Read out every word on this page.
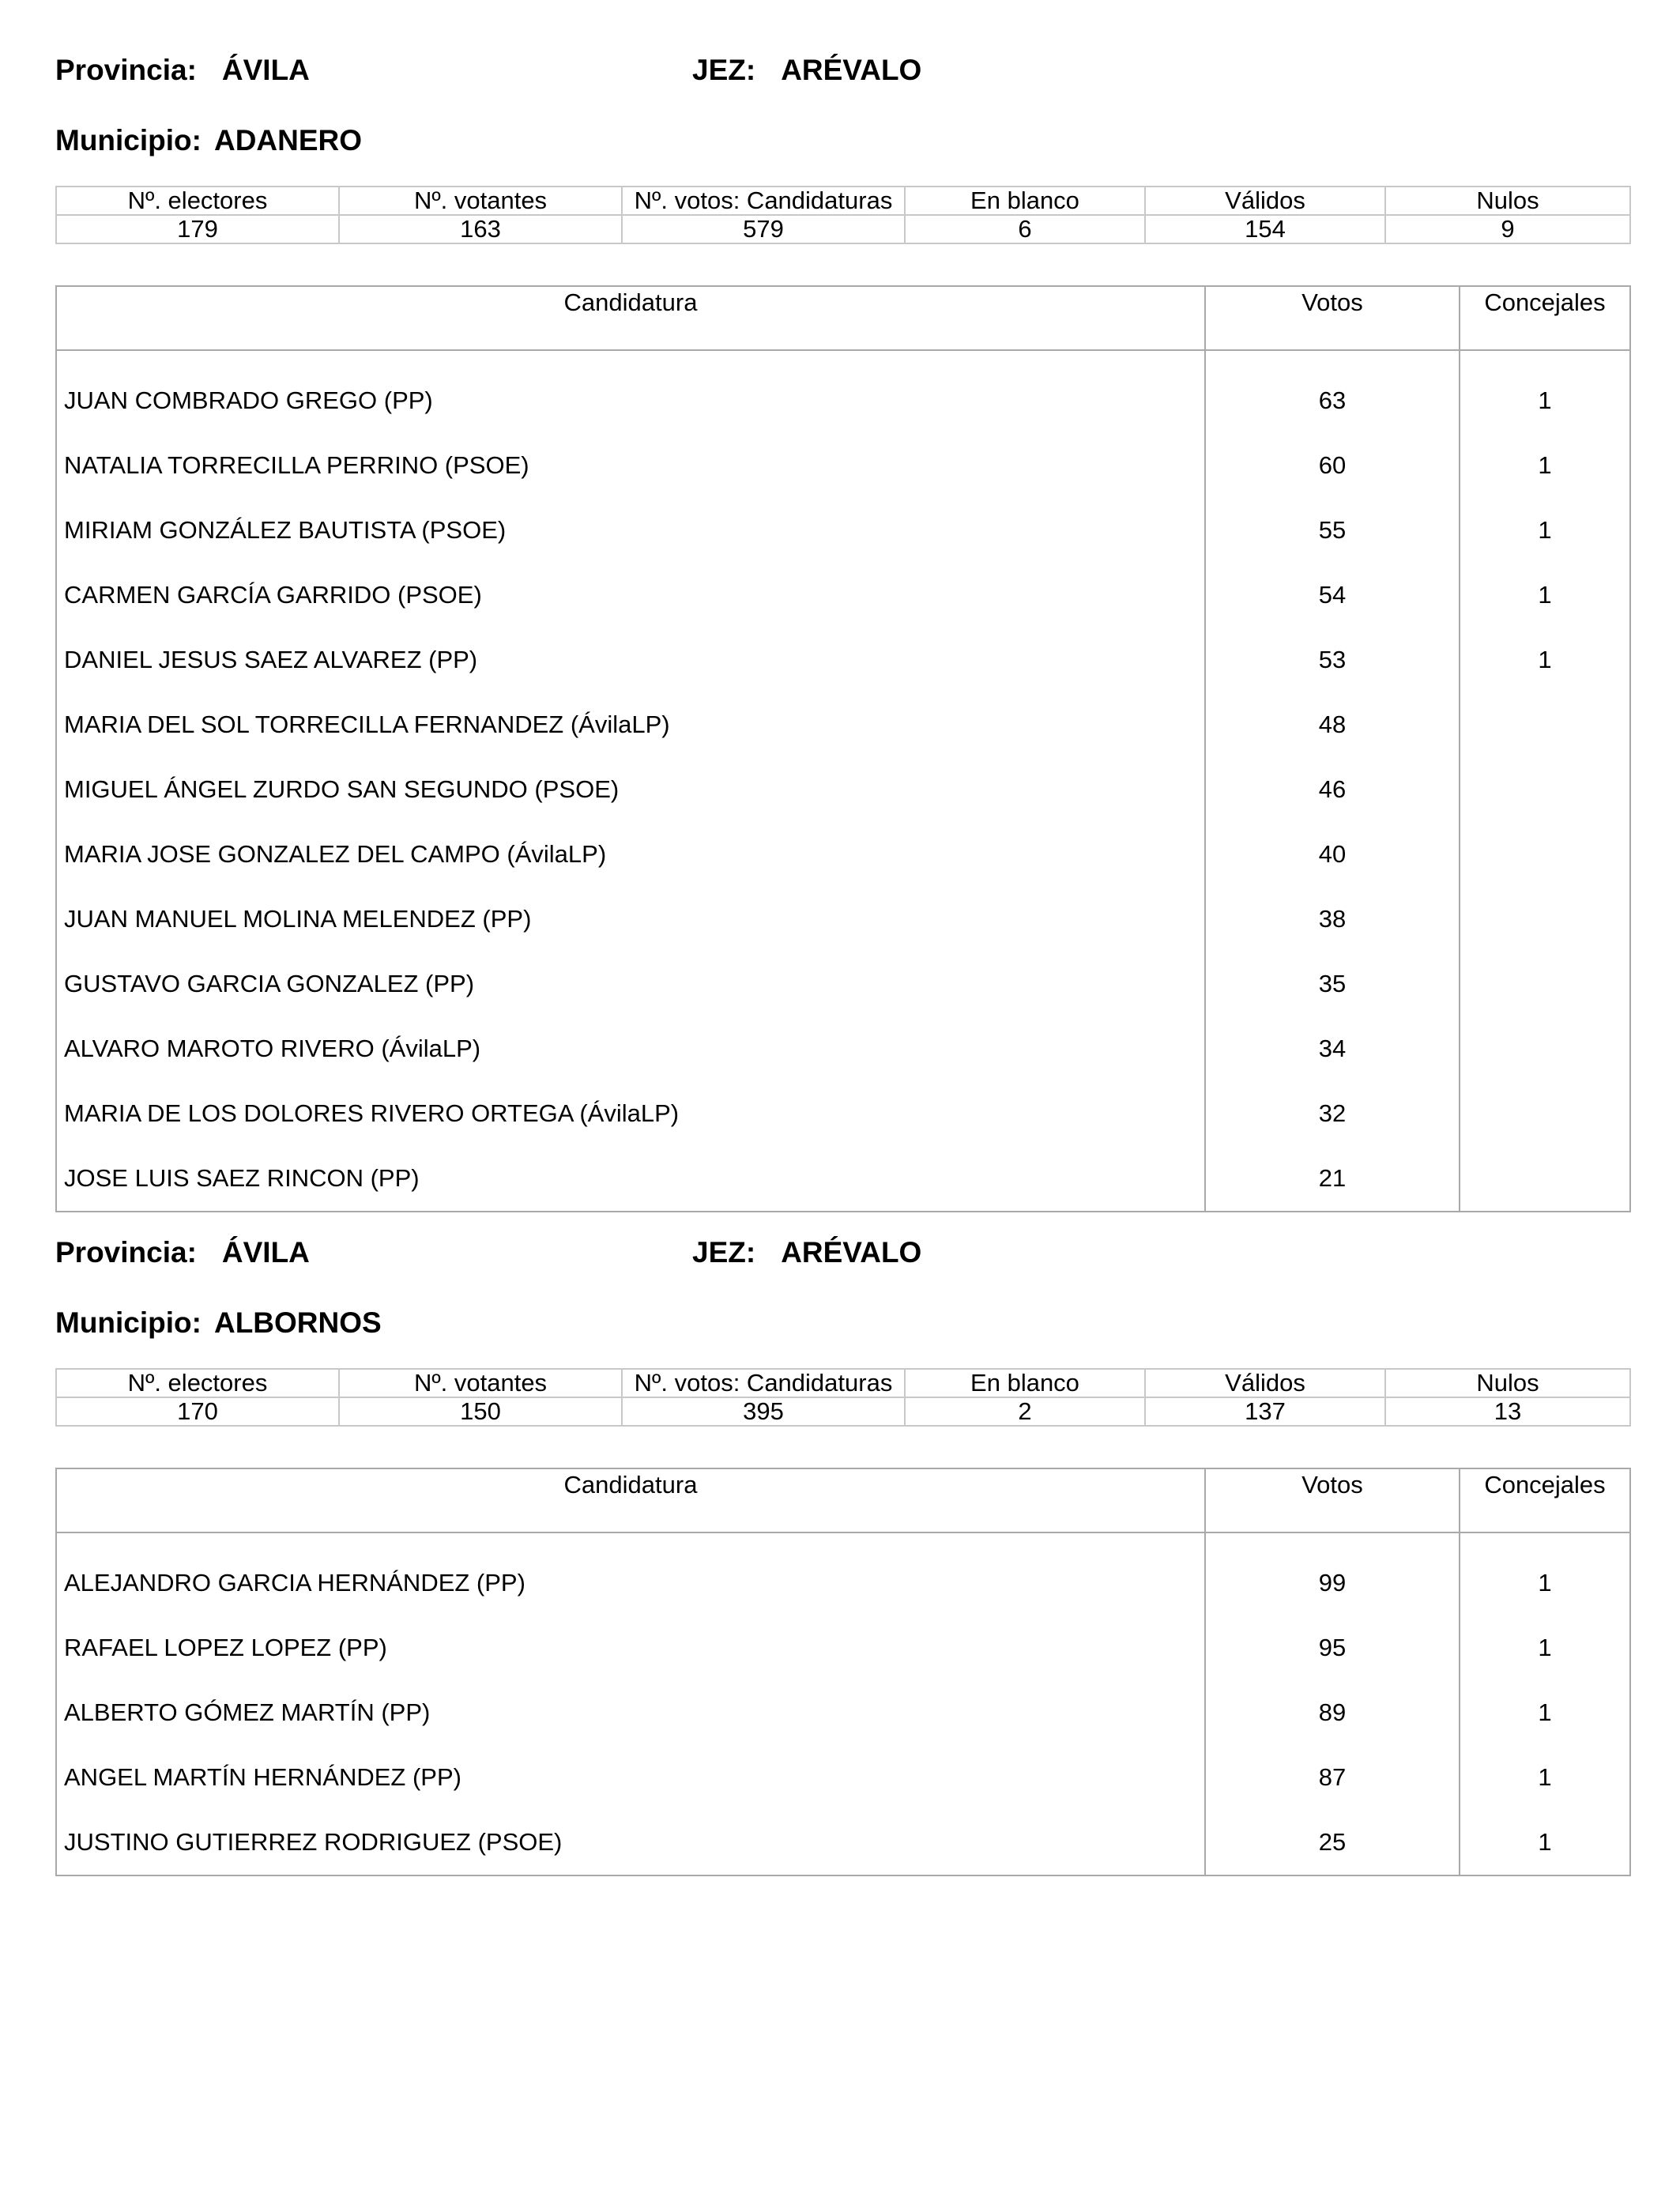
Provincia: ÁVILA	JEZ: ARÉVALO
Municipio: ADANERO
Nº. electores	Nº. votantes	Nº. votos: Candidaturas	En blanco	Válidos	Nulos
179	163	579	6	154	9
Candidatura	Votos	Concejales
JUAN COMBRADO GREGO (PP)	63	1
NATALIA TORRECILLA PERRINO (PSOE)	60	1
MIRIAM GONZÁLEZ BAUTISTA (PSOE)	55	1
CARMEN GARCÍA GARRIDO (PSOE)	54	1
DANIEL JESUS SAEZ ALVAREZ (PP)	53	1
MARIA DEL SOL TORRECILLA FERNANDEZ (ÁvilaLP)	48	
MIGUEL ÁNGEL ZURDO SAN SEGUNDO (PSOE)	46	
MARIA JOSE GONZALEZ DEL CAMPO (ÁvilaLP)	40	
JUAN MANUEL MOLINA MELENDEZ (PP)	38	
GUSTAVO GARCIA GONZALEZ (PP)	35	
ALVARO MAROTO RIVERO (ÁvilaLP)	34	
MARIA DE LOS DOLORES RIVERO ORTEGA (ÁvilaLP)	32	
JOSE LUIS SAEZ RINCON (PP)	21	
Provincia: ÁVILA	JEZ: ARÉVALO
Municipio: ALBORNOS
Nº. electores	Nº. votantes	Nº. votos: Candidaturas	En blanco	Válidos	Nulos
170	150	395	2	137	13
Candidatura	Votos	Concejales
ALEJANDRO GARCIA HERNÁNDEZ (PP)	99	1
RAFAEL LOPEZ LOPEZ (PP)	95	1
ALBERTO GÓMEZ MARTÍN (PP)	89	1
ANGEL MARTÍN HERNÁNDEZ (PP)	87	1
JUSTINO GUTIERREZ RODRIGUEZ (PSOE)	25	1
